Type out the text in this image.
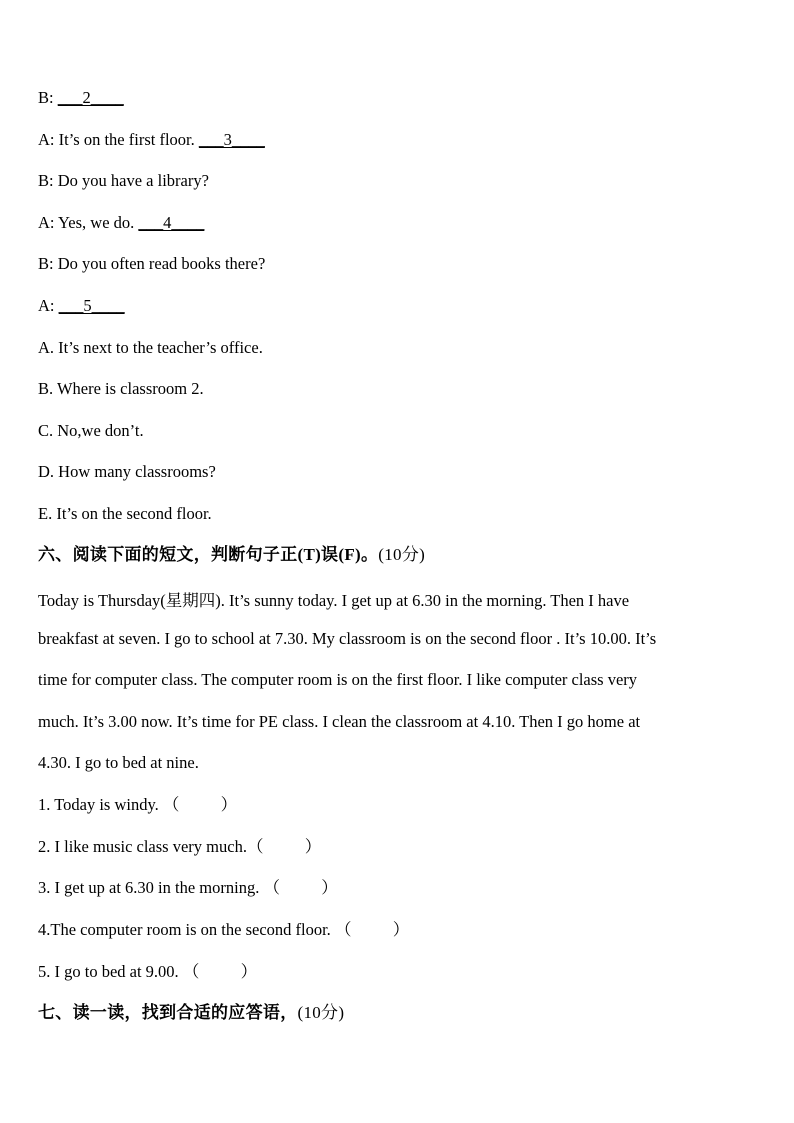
B: ___2____
A: It’s on the first floor. ___3____
B: Do you have a library?
A: Yes, we do. ___4____
B: Do you often read books there?
A: ___5____
A. It’s next to the teacher’s office.
B. Where is classroom 2.
C. No,we don’t.
D. How many classrooms?
E. It’s on the second floor.
六、阅读下面的短文，判断句子正(T)误(F)。(10分)
Today is Thursday(星期四). It’s sunny today. I get up at 6.30 in the morning. Then I have
breakfast at seven. I go to school at 7.30. My classroom is on the second floor . It’s 10.00. It’s
time for computer class. The computer room is on the first floor. I like computer class very
much. It’s 3.00 now. It’s time for PE class. I clean the classroom at 4.10. Then I go home at
4.30. I go to bed at nine.
1. Today is windy. （          ）
2. I like music class very much.（          ）
3. I get up at 6.30 in the morning. （          ）
4.The computer room is on the second floor. （          ）
5. I go to bed at 9.00. （          ）
七、读一读，找到合适的应答语，(10分)
